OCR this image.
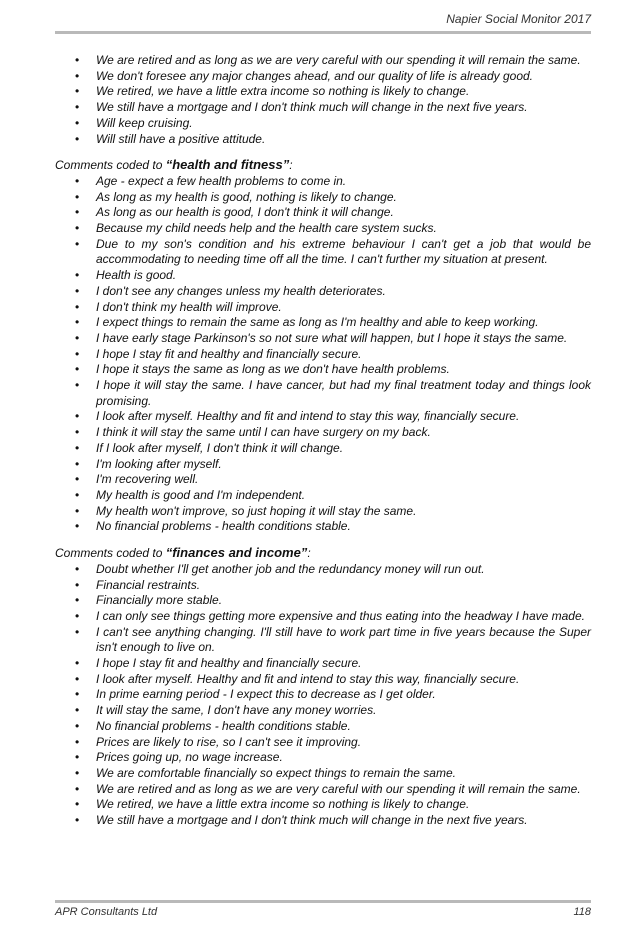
Napier Social Monitor 2017
• We are retired and as long as we are very careful with our spending it will remain the same.
• We don't foresee any major changes ahead, and our quality of life is already good.
• We retired, we have a little extra income so nothing is likely to change.
• We still have a mortgage and I don't think much will change in the next five years.
• Will keep cruising.
• Will still have a positive attitude.

Comments coded to “health and fitness”:

• Age - expect a few health problems to come in.
• As long as my health is good, nothing is likely to change.
• As long as our health is good, I don't think it will change.
• Because my child needs help and the health care system sucks.
• Due to my son's condition and his extreme behaviour I can't get a job that would be accommodating to needing time off all the time. I can't further my situation at present.
• Health is good.
• I don't see any changes unless my health deteriorates.
• I don't think my health will improve.
• I expect things to remain the same as long as I'm healthy and able to keep working.
• I have early stage Parkinson's so not sure what will happen, but I hope it stays the same.
• I hope I stay fit and healthy and financially secure.
• I hope it stays the same as long as we don't have health problems.
• I hope it will stay the same. I have cancer, but had my final treatment today and things look promising.
• I look after myself. Healthy and fit and intend to stay this way, financially secure.
• I think it will stay the same until I can have surgery on my back.
• If I look after myself, I don't think it will change.
• I'm looking after myself.
• I'm recovering well.
• My health is good and I'm independent.
• My health won't improve, so just hoping it will stay the same.
• No financial problems - health conditions stable.

Comments coded to “finances and income”:

• Doubt whether I'll get another job and the redundancy money will run out.
• Financial restraints.
• Financially more stable.
• I can only see things getting more expensive and thus eating into the headway I have made.
• I can't see anything changing. I'll still have to work part time in five years because the Super isn't enough to live on.
• I hope I stay fit and healthy and financially secure.
• I look after myself. Healthy and fit and intend to stay this way, financially secure.
• In prime earning period - I expect this to decrease as I get older.
• It will stay the same, I don't have any money worries.
• No financial problems - health conditions stable.
• Prices are likely to rise, so I can't see it improving.
• Prices going up, no wage increase.
• We are comfortable financially so expect things to remain the same.
• We are retired and as long as we are very careful with our spending it will remain the same.
• We retired, we have a little extra income so nothing is likely to change.
• We still have a mortgage and I don't think much will change in the next five years.
APR Consultants Ltd	118
